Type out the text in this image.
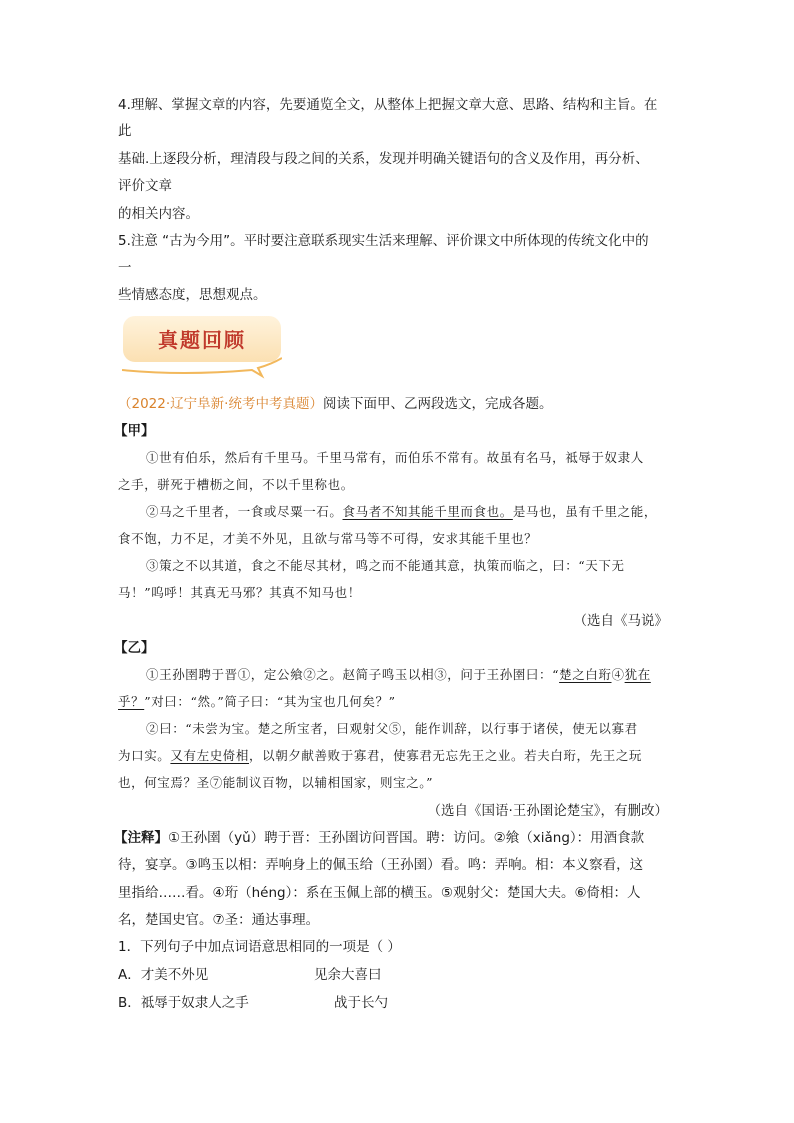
4.理解、掌握文章的内容，先要通览全文，从整体上把握文章大意、思路、结构和主旨。在
此
基础.上逐段分析，理清段与段之间的关系，发现并明确关键语句的含义及作用，再分析、
评价文章
的相关内容。
5.注意 “古为今用”。平时要注意联系现实生活来理解、评价课文中所体现的传统文化中的
一
些情感态度，思想观点。
真题回顾
（2022·辽宁阜新·统考中考真题）阅读下面甲、乙两段选文，完成各题。
【甲】
①世有伯乐，然后有千里马。千里马常有，而伯乐不常有。故虽有名马，祗辱于奴隶人
之手，骈死于槽枥之间，不以千里称也。
②马之千里者，一食或尽粟一石。食马者不知其能千里而食也。是马也，虽有千里之能，
食不饱，力不足，才美不外见，且欲与常马等不可得，安求其能千里也？
③策之不以其道，食之不能尽其材，鸣之而不能通其意，执策而临之，曰：“天下无
马！”呜呼！其真无马邪？其真不知马也！
（选自《马说》
【乙】
①王孙圉聘于晋①，定公飨②之。赵简子鸣玉以相③，问于王孙圉曰：“楚之白珩④犹在
乎？”对曰：“然。”简子曰：“其为宝也几何矣？”
②曰：“未尝为宝。楚之所宝者，曰观射父⑤，能作训辞，以行事于诸侯，使无以寡君
为口实。又有左史倚相，以朝夕献善败于寡君，使寡君无忘先王之业。若夫白珩，先王之玩
也，何宝焉？圣⑦能制议百物，以辅相国家，则宝之。”
（选自《国语·王孙圉论楚宝》，有删改）
【注释】①王孙圉（yǔ）聘于晋：王孙圉访问晋国。聘：访问。②飨（xiǎng）：用酒食款
待，宴享。③鸣玉以相：弄响身上的佩玉给（王孙圉）看。鸣：弄响。相：本义察看，这
里指给……看。④珩（héng）：系在玉佩上部的横玉。⑤观射父：楚国大夫。⑥倚相：人
名，楚国史官。⑦圣：通达事理。
1．下列句子中加点词语意思相同的一项是（ ）
A．才美不外见	见余大喜曰
B．祗辱于奴隶人之手	战于长勺
